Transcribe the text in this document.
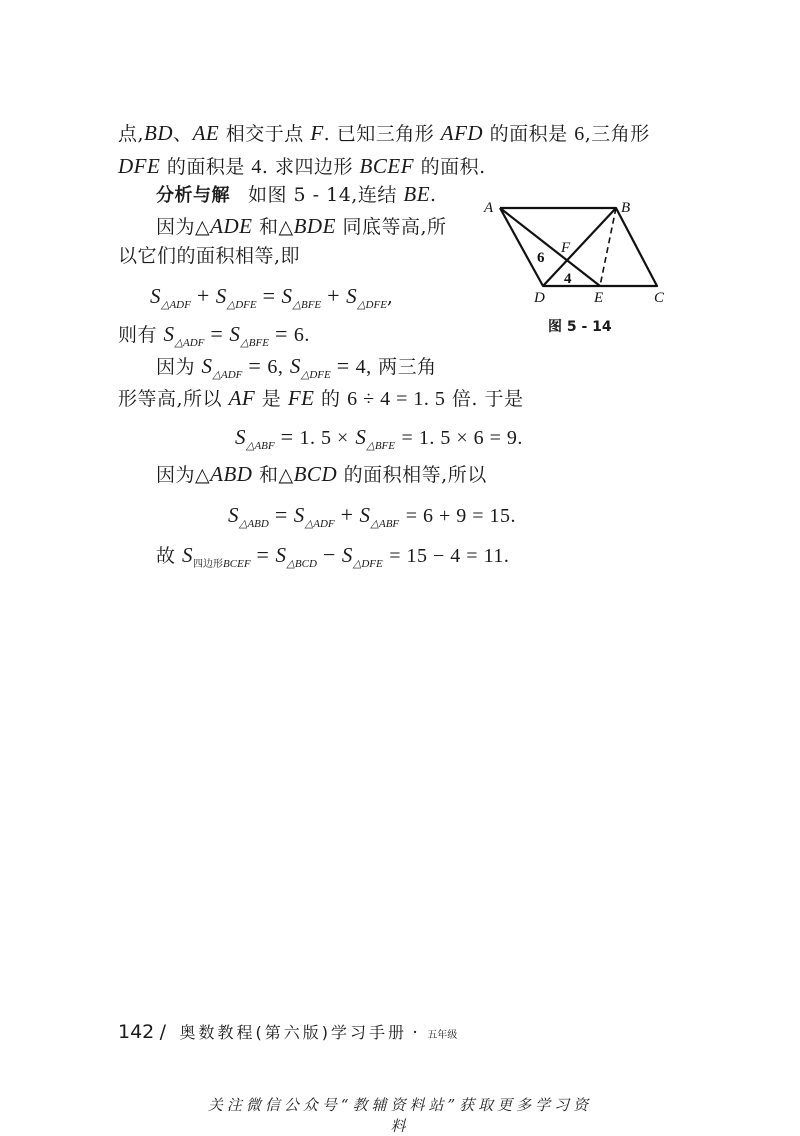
点,BD、AE 相交于点 F. 已知三角形 AFD 的面积是 6,三角形
DFE 的面积是 4. 求四边形 BCEF 的面积.
分析与解 如图 5 - 14,连结 BE.
因为△ADE 和△BDE 同底等高,所
以它们的面积相等,即
$S_{\triangle ADF} + S_{\triangle DFE} = S_{\triangle BFE} + S_{\triangle DFE}$,
则有 $S_{\triangle ADF} = S_{\triangle BFE} = 6$.
因为 $S_{\triangle ADF} = 6$, $S_{\triangle DFE} = 4$, 两三角
形等高,所以 AF 是 FE 的 6 ÷ 4 = 1. 5 倍. 于是
$S_{\triangle ABF} = 1$. $5 \times S_{\triangle BFE} = 1$. 5 × 6 = 9.
因为△ABD 和△BCD 的面积相等,所以
$S_{\triangle ABD} = S_{\triangle ADF} + S_{\triangle ABF} = 6 + 9 = 15$.
故 $S_{四边形BCEF} = S_{\triangle BCD} - S_{\triangle DFE} = 15 - 4 = 11$.
A	B
C
D	E
F
6
4
图 5 - 14
142 / 奥数教程(第六版)学习手册 · 五年级
关注微信公众号“教辅资料站”获取更多学习资料
